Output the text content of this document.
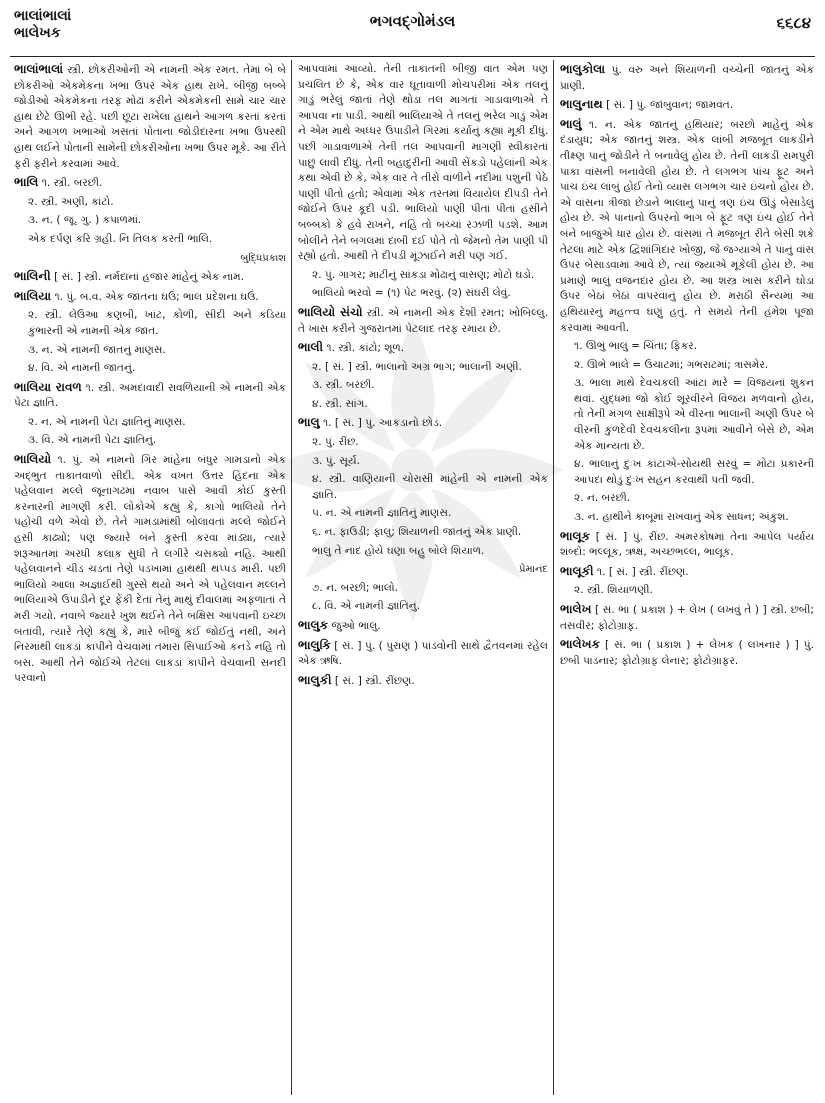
ભાલાંભાલાં
ભાલેખક
ભગવદ્ગોમંડલ	૬૬૮૪

ભાલાંભાલાં સ્ત્રી. છોકરીઓની એ નામની એક રમત. તેમાં બે બે છોકરીઓ એકમેકના ખભા ઉપર એક હાથ રાખે. બીજી બબ્બે જોડીઓ એકમેકના તરફ મોઢાં કરીને એકમેકની સામે ચાર ચાર હાથ છેટે ઊભી રહે. પછી છૂટા રાખેલા હાથને આગળ કરતાં કરતાં અને આગળ ખભાઓ ખસતાં પોતાના જોડીદારના ખભા ઉપરથી હાથ લઈને પોતાની સામેની છોકરીઓના ખભા ઉપર મૂકે. આ રીતે ફરી ફરીને કરવામાં આવે.

ભાલિ ૧. સ્ત્રી. બરછી.

૨. સ્ત્રી. અણી, કાંટો.

૩. ન. ( જૂ. ગુ. ) કપાળમાં.

એક દર્પણ કરિ ગ્રહી. નિ તિલક કરતી ભાલિ.

બુદ્ધિપ્રકાશ

ભાલિની [ સં. ] સ્ત્રી. નર્મદાનાં હજાર માંહેનું એક નામ.

ભાલિયા ૧. પું. બ.વ. એક જાતના ઘઉં; ભાલ પ્રદેશના ઘઉં.

૨. સ્ત્રી. લેઉઆ કણબી, ખાંટ, કોળી, સીદી અને કડિયા કુંભારની એ નામની એક જાત.

૩. ન. એ નામની જાતનું માણસ.

૪. વિ. એ નામની જાતનું.

ભાલિયા રાવળ ૧. સ્ત્રી. અમદાવાદી રાવળિયાની એ નામની એક પેટા જ્ઞાતિ.

૨. ન. એ નામની પેટા જ્ઞાતિનું માણસ.

૩. વિ. એ નામની પેટા જ્ઞાતિનું.

ભાલિયો ૧. પું. એ નામનો ગિર માંહેના બંધુર ગામડાનો એક અદ્ભુત તાકાતવાળો સીદી. એક વખત ઉત્તર હિંદના એક પહેલવાન મલ્લે જૂનાગઢમાં નવાબ પાસે આવી કોઈ કુસ્તી કરનારની માગણી કરી. લોકોએ કહ્યું કે, કાગો ભાલિયો તેને પહોંચી વળે એવો છે. તેને ગામડામાંથી બોલાવતાં મલ્લે જોઈને હસી કાઢ્યો; પણ જ્યારે બંને કુસ્તી કરવા માંડ્યા, ત્યારે શરૂઆતમાં અરધી કલાક સુધી તે લગીરે ચસક્યો નહિ. આથી પહેલવાનને ચીડ ચડતાં તેણે પડખામાં હાથથી થપ્પડ મારી. પછી ભાલિયો આલા અજ્ઞાઈથી ગુસ્સે થયો અને એ પહેલવાન મલ્લને ભાલિયાએ ઉપાડીને દૂર ફેંકી દેતાં તેનું માથું દીવાલમાં અફળાતાં તે મરી ગયો. નવાબે જ્યારે ખુશ થઈને તેને બક્ષિસ આપવાની ઇચ્છા બતાવી, ત્યારે તેણે કહ્યું કે, મારે બીજું કંઈ જોઈતું નથી, અને નિરમાંથી લાકડાં કાપીને વેચવામાં તમારા સિપાઈઓ કનડે નહિ તો બસ. આથી તેને જોઈએ તેટલાં લાકડાં કાપીને વેચવાની સનદી પરવાનો

આપવામાં આવ્યો. તેની તાકાતની બીજી વાત એમ પણ પ્રચલિત છે કે, એક વાર ઘૂતાવાળી મોચપરીમાં એક તલનું ગાડું ભરેલું જાતાં તેણે થોડા તલ માગતાં ગાડાવાળાએ તે આપવા ના પાડી. આથી ભાલિયાએ તે તલનું ભરેલ ગાડું એમ ને એમ માથે અધ્ધર ઉપાડીને ગિરમાં કર્યાનું કહ્યાં મૂકી દીધું. પછી ગાડાવાળાએ તેની તલ આપવાની માગણી સ્વીકારતાં પાછું લાવી દીધું. તેની બહાદુરીની આવી સેંકડો પહેલાંની એક કથા એવી છે કે, એક વાર તે તીરો વાળીને નદીમાં પશુની પેઠે પાણી પીતો હતો; એવામાં એક તરતમાં વિયાયેલ દીપડી તેને જોઈને ઉપર કૂદી પડી. ભાલિયો પાણી પીતાં પીતાં હસીને બબ્બકો કે હવે રાખને, નહિ તો બચ્ચાં રઝળી પડશે. આમ બોલીને તેને બગલમાં દાબી દઈ પોતે તો જેમનો તેમ પાણી પી રહ્યો હતો. આથી તે દીપડી મૂંઝાઈને મરી પણ ગઈ.

૨. પું. ગાગર; માટીનું સાંકડા મોઢાનું વાસણ; મોટો ઘડો.

ભાલિયો ભરવો = (૧) પેટ ભરવું. (૨) સંઘરી લેવું.

ભાલિયો સંચો સ્ત્રી. એ નામની એક દેશી રમત; ખોબિલ્લુ. તે ખાસ કરીને ગુજરાતમાં પેટલાદ તરફ રમાય છે.

ભાલી ૧. સ્ત્રી. કાંટો; શૂળ.

૨. [ સં. ] સ્ત્રી. ભાલાનો અગ્ર ભાગ; ભાલાની અણી.

૩. સ્ત્રી. બરછી.

૪. સ્ત્રી. સાંગ.

ભાલુ ૧. [ સં. ] પું. આકડાનો છોડ.

૨. પું. રીંછ.

૩. પું. સૂર્ય.

૪. સ્ત્રી. વાણિયાની ચોરાસી માંહેની એ નામની એક જ્ઞાતિ.

૫. ન. એ નામની જ્ઞાતિનું માણસ.

૬. ન. ફાઉડી; ફાલુ; શિયાળની જાતનું એક પ્રાણી.

ભાલુ તે નાદ હોયે ઘણા બહુ બોલે શિયાળ.

પ્રેમાનંદ

૭. ન. બરછી; ભાલો.

૮. વિ. એ નામની જ્ઞાતિનું.

ભાલુક જુઓ ભાલુ.

ભાલુકિ [ સં. ] પું. ( પુરાણ ) પાંડવોની સાથે દ્વૈતવનમાં રહેલ એક ઋષિ.

ભાલુકી [ સં. ] સ્ત્રી. રીંછણ.

ભાલુકોલા પું. વરુ અને શિયાળની વચ્ચેની જાતનું એક પ્રાણી.

ભાલુનાથ [ સં. ] પું. જાંબુવાન; જામવંત.

ભાલું ૧. ન. એક જાતનું હથિયાર; બરછો માહેનું એક દંડાયુધ; એક જાતનું શસ્ત્ર. એક લાંબી મજબૂત લાકડીને તીક્ષ્ણ પાનું જોડીને તે બનાવેલું હોય છે. તેની લાકડી રામપુરી પાકા વાંસની બનાવેલી હોય છે. તે લગભગ પાંચ ફૂટ અને પાંચ ઇંચ લાંબું હોઈ તેનો વ્યાસ લગભગ ચાર ઇંચનો હોય છે. એ વાંસના ત્રીજા છેડાને ભાલાનું પાનું ત્રણ ઇંચ ઊંડું બેસાડેલું હોય છે. એ પાનાનો ઉપરનો ભાગ બે ફૂટ ત્રણ ઇંચ હોઈ તેને બંને બાજુએ ધાર હોય છે. વાંસમાં તે મજબૂત રીતે બેસી શકે તેટલા માટે એક દ્વિશાંગિદાર ખોજી, જે જગ્યાએ તે પાનું વાંસ ઉપર બેસાડવામાં આવે છે, ત્યાં જ્યાએ મૂકેલી હોય છે. આ પ્રમાણે ભાલું વજનદાર હોય છે. આ શસ્ત્ર ખાસ કરીને ઘોડા ઉપર બેઠાં બેઠાં વાપરવાનું હોય છે. મરાઠી સૈન્યમાં આ હથિયારનું મહત્ત્વ ઘણું હતું. તે સમયે તેની હંમેશ પૂજા કરવામાં આવતી.

૧. ઊભું ભાલું = ચિંતા; ફિકર.

૨. ઊભે ભાલે = ઉચાટમાં; ગભરાટમાં; ત્રાસમેર.

૩. ભાલા માથે દેવચકલી આંટા મારે = વિજયનાં શુકન થવાં. યુદ્ધમાં જો કોઈ શૂરવીરને વિજય મળવાનો હોય, તો તેની મંગળ સાક્ષીરૂપે એ વીરના ભાલાની અણી ઉપર બે વીરની કુળદેવી દેવચકલીના રૂપમાં આવીને બેસે છે, એમ એક માન્યતા છે.

૪. ભાલાનું દુઃખ કાંટાએ-સોયથી સરવું = મોટા પ્રકારની આપદા થોડું દુઃખ સહન કરવાથી પતી જવી.

૨. ન. બરછી.

૩. ન. હાથીને કાબૂમાં રાખવાનું એક સાધન; અંકુશ.

ભાલૂક [ સં. ] પું. રીંછ. અમરકોષમાં તેના આપેલ પર્યાય શબ્દો: ભલ્લૂક, ઋક્ષ, અચ્છભલ્લ, ભાલૂક.

ભાલૂકી ૧. [ સં. ] સ્ત્રી. રીંછણ.

૨. સ્ત્રી. શિયાળણી.

ભાલેખ [ સં. ભા ( પ્રકાશ ) + લેખ ( લખવું તે ) ] સ્ત્રી. છબી; તસવીર; ફોટોગ્રાફ.

ભાલેખક [ સં. ભા ( પ્રકાશ ) + લેખક ( લખનાર ) ] પું. છબી પાડનાર; ફોટોગ્રાફ લેનાર; ફોટોગ્રાફર.
